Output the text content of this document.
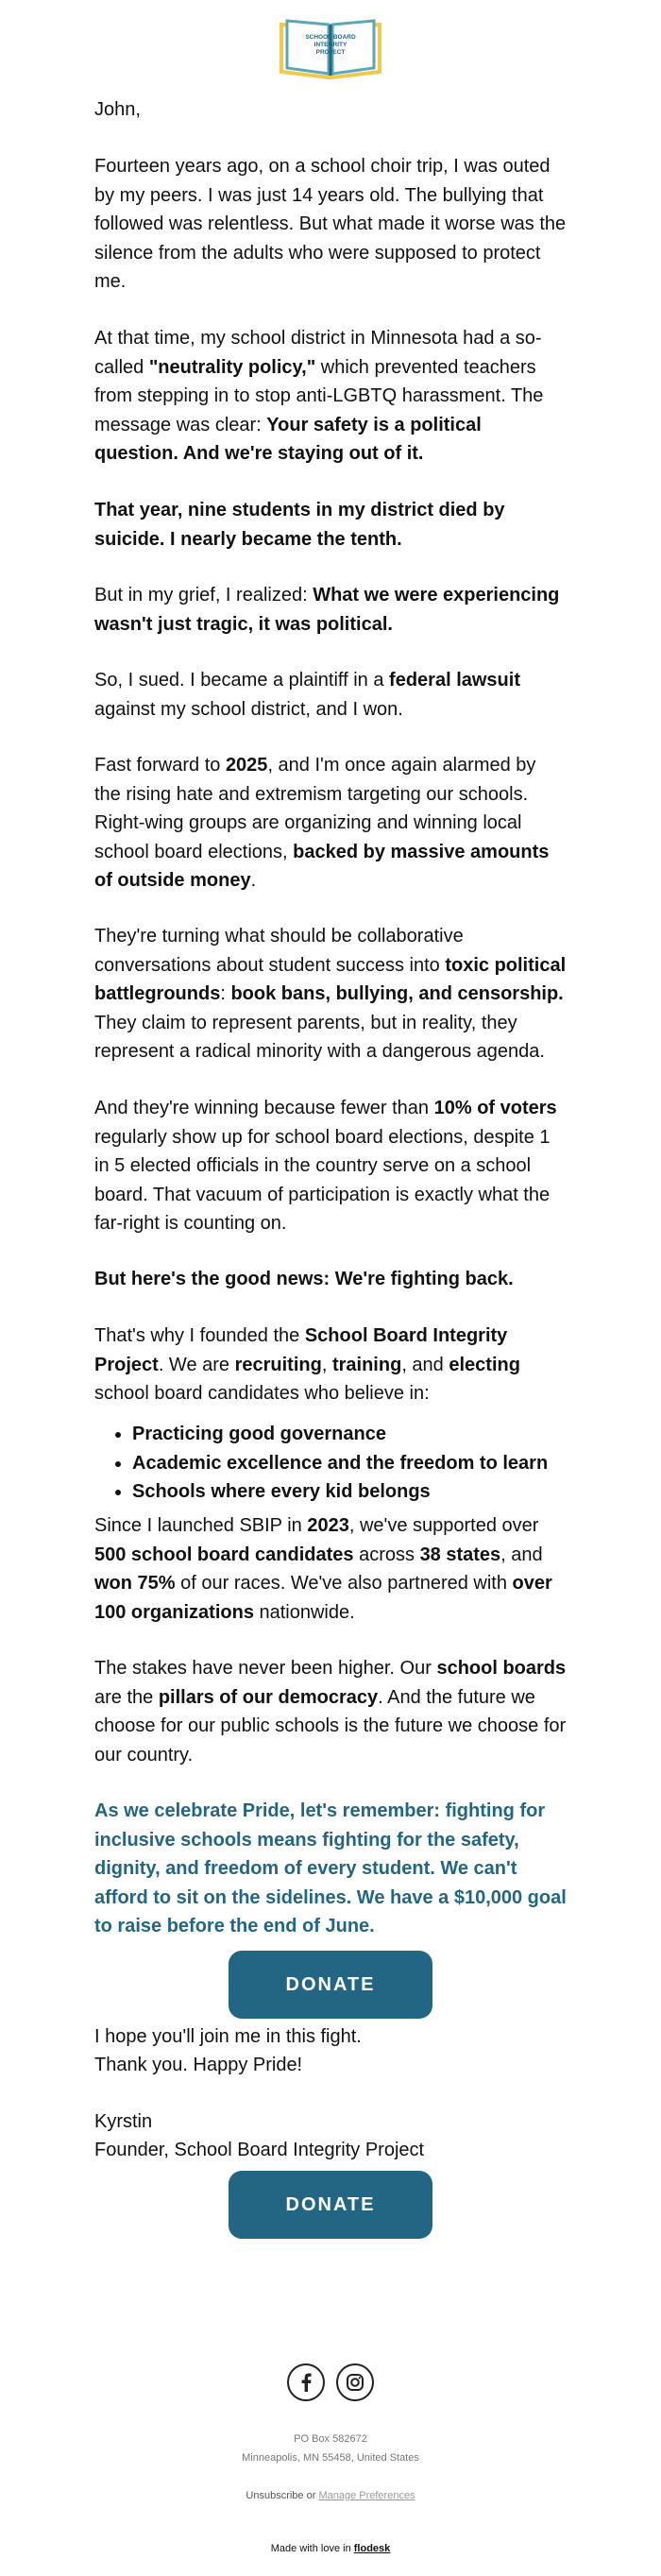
SCHOOL BOARD
INTEGRITY
PROJECT

John,

Fourteen years ago, on a school choir trip, I was outed by my peers. I was just 14 years old. The bullying that followed was relentless. But what made it worse was the silence from the adults who were supposed to protect me.

At that time, my school district in Minnesota had a so-called "neutrality policy," which prevented teachers from stepping in to stop anti-LGBTQ harassment. The message was clear: Your safety is a political question. And we're staying out of it.

That year, nine students in my district died by suicide. I nearly became the tenth.

But in my grief, I realized: What we were experiencing wasn't just tragic, it was political.

So, I sued. I became a plaintiff in a federal lawsuit against my school district, and I won.

Fast forward to 2025, and I'm once again alarmed by the rising hate and extremism targeting our schools. Right-wing groups are organizing and winning local school board elections, backed by massive amounts of outside money.

They're turning what should be collaborative conversations about student success into toxic political battlegrounds: book bans, bullying, and censorship. They claim to represent parents, but in reality, they represent a radical minority with a dangerous agenda.

And they're winning because fewer than 10% of voters regularly show up for school board elections, despite 1 in 5 elected officials in the country serve on a school board. That vacuum of participation is exactly what the far-right is counting on.

But here's the good news: We're fighting back.

That's why I founded the School Board Integrity Project. We are recruiting, training, and electing school board candidates who believe in:

• Practicing good governance
• Academic excellence and the freedom to learn
• Schools where every kid belongs

Since I launched SBIP in 2023, we've supported over 500 school board candidates across 38 states, and won 75% of our races. We've also partnered with over 100 organizations nationwide.

The stakes have never been higher. Our school boards are the pillars of our democracy. And the future we choose for our public schools is the future we choose for our country.

As we celebrate Pride, let's remember: fighting for inclusive schools means fighting for the safety, dignity, and freedom of every student. We can't afford to sit on the sidelines. We have a $10,000 goal to raise before the end of June.

DONATE

I hope you'll join me in this fight.

Thank you. Happy Pride!

Kyrstin

Founder, School Board Integrity Project

DONATE
PO Box 582672
Minneapolis, MN 55458, United States
Unsubscribe or Manage Preferences
Made with love in flodesk
